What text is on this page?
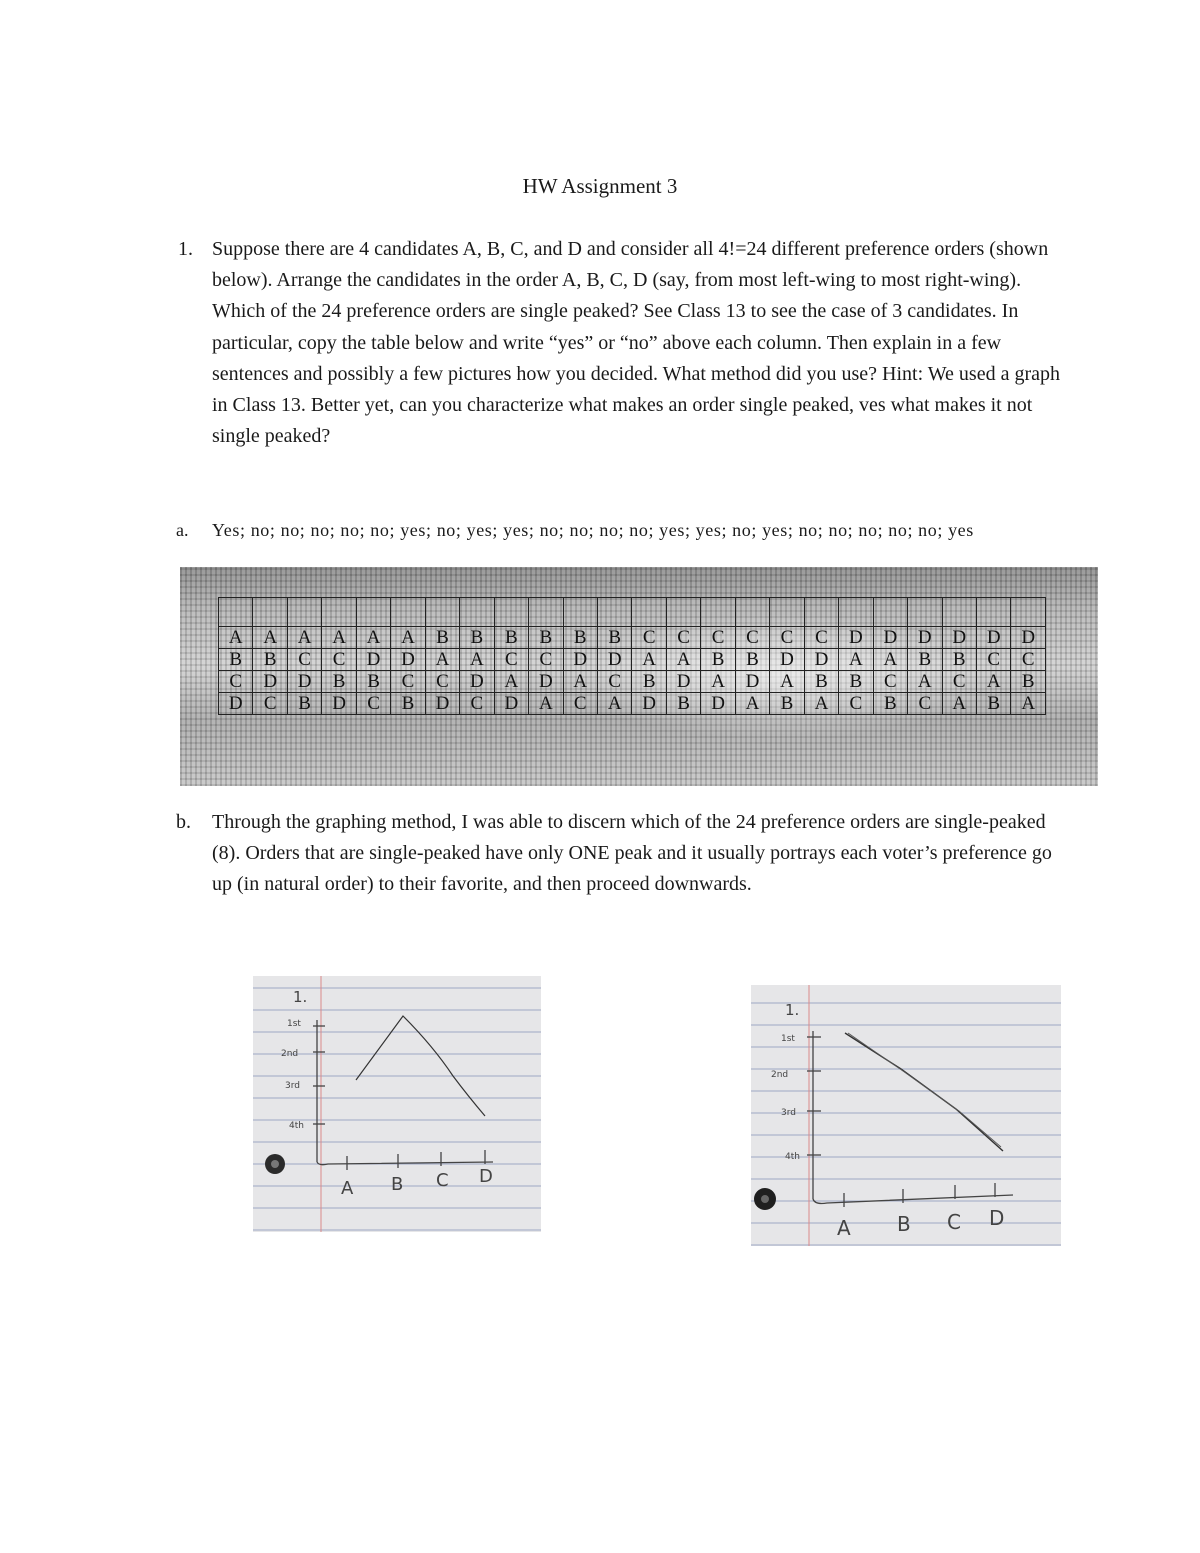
HW Assignment 3
1. Suppose there are 4 candidates A, B, C, and D and consider all 4!=24 different preference orders (shown below). Arrange the candidates in the order A, B, C, D (say, from most left-wing to most right-wing). Which of the 24 preference orders are single peaked? See Class 13 to see the case of 3 candidates. In particular, copy the table below and write “yes” or “no” above each column. Then explain in a few sentences and possibly a few pictures how you decided. What method did you use? Hint: We used a graph in Class 13. Better yet, can you characterize what makes an order single peaked, ves what makes it not single peaked?
a. Yes; no; no; no; no; no; yes; no; yes; yes; no; no; no; no; yes; yes; no; yes; no; no; no; no; no; yes

A	A	A	A	A	A	B	B	B	B	B	B	C	C	C	C	C	C	D	D	D	D	D	D
B	B	C	C	D	D	A	A	C	C	D	D	A	A	B	B	D	D	A	A	B	B	C	C
C	D	D	B	B	C	C	D	A	D	A	C	B	D	A	D	A	B	B	C	A	C	A	B
D	C	B	D	C	B	D	C	D	A	C	A	D	B	D	A	B	A	C	B	C	A	B	A
b. Through the graphing method, I was able to discern which of the 24 preference orders are single-peaked (8). Orders that are single-peaked have only ONE peak and it usually portrays each voter’s preference go up (in natural order) to their favorite, and then proceed downwards.
1.
1st
2nd
3rd
4th
A B C D
1.
1st
2nd
3rd
4th
A B C D
